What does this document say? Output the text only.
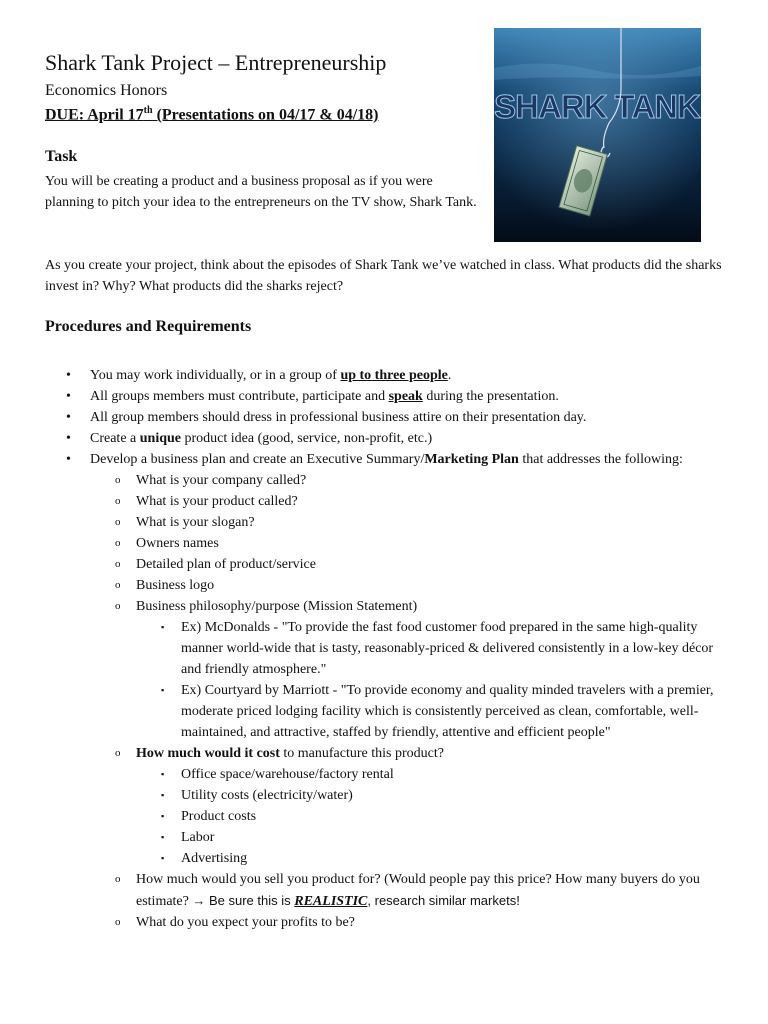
Shark Tank Project – Entrepreneurship
Economics Honors
DUE: April 17th (Presentations on 04/17 & 04/18)	SHARK TANK
Task

You will be creating a product and a business proposal as if you were planning to pitch your idea to the entrepreneurs on the TV show, Shark Tank.

As you create your project, think about the episodes of Shark Tank we’ve watched in class. What products did the sharks invest in? Why? What products did the sharks reject?

Procedures and Requirements
• You may work individually, or in a group of up to three people.
• All groups members must contribute, participate and speak during the presentation.
• All group members should dress in professional business attire on their presentation day.
• Create a unique product idea (good, service, non-profit, etc.)
• Develop a business plan and create an Executive Summary/Marketing Plan that addresses the following:
o What is your company called?
o What is your product called?
o What is your slogan?
o Owners names
o Detailed plan of product/service
o Business logo
o Business philosophy/purpose (Mission Statement)
▪ Ex) McDonalds - "To provide the fast food customer food prepared in the same high-quality manner world-wide that is tasty, reasonably-priced & delivered consistently in a low-key décor and friendly atmosphere."
▪ Ex) Courtyard by Marriott - "To provide economy and quality minded travelers with a premier, moderate priced lodging facility which is consistently perceived as clean, comfortable, well-maintained, and attractive, staffed by friendly, attentive and efficient people"
o How much would it cost to manufacture this product?
▪ Office space/warehouse/factory rental
▪ Utility costs (electricity/water)
▪ Product costs
▪ Labor
▪ Advertising
o How much would you sell you product for? (Would people pay this price? How many buyers do you estimate? → Be sure this is REALISTIC, research similar markets!
o What do you expect your profits to be?
